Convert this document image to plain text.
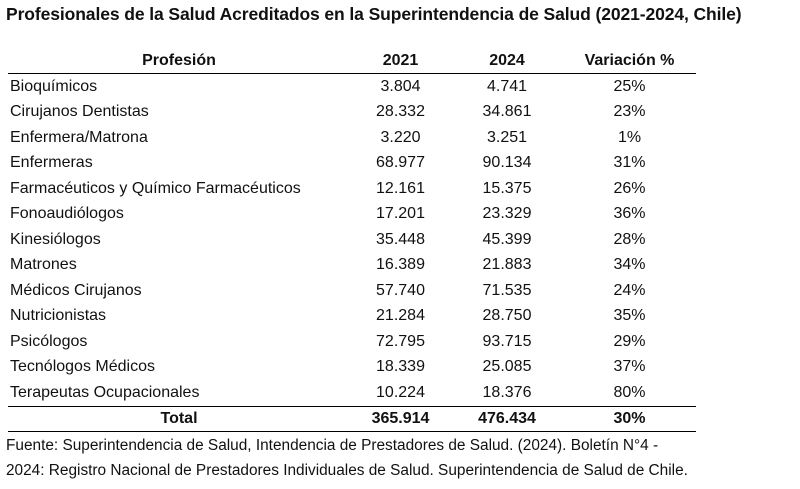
Profesionales de la Salud Acreditados en la Superintendencia de Salud (2021-2024, Chile)
Profesión	2021	2024	Variación %
Bioquímicos	3.804	4.741	25%
Cirujanos Dentistas	28.332	34.861	23%
Enfermera/Matrona	3.220	3.251	1%
Enfermeras	68.977	90.134	31%
Farmacéuticos y Químico Farmacéuticos	12.161	15.375	26%
Fonoaudiólogos	17.201	23.329	36%
Kinesiólogos	35.448	45.399	28%
Matrones	16.389	21.883	34%
Médicos Cirujanos	57.740	71.535	24%
Nutricionistas	21.284	28.750	35%
Psicólogos	72.795	93.715	29%
Tecnólogos Médicos	18.339	25.085	37%
Terapeutas Ocupacionales	10.224	18.376	80%
Total	365.914	476.434	30%
Fuente: Superintendencia de Salud, Intendencia de Prestadores de Salud. (2024). Boletín N°4 -
2024: Registro Nacional de Prestadores Individuales de Salud. Superintendencia de Salud de Chile.
